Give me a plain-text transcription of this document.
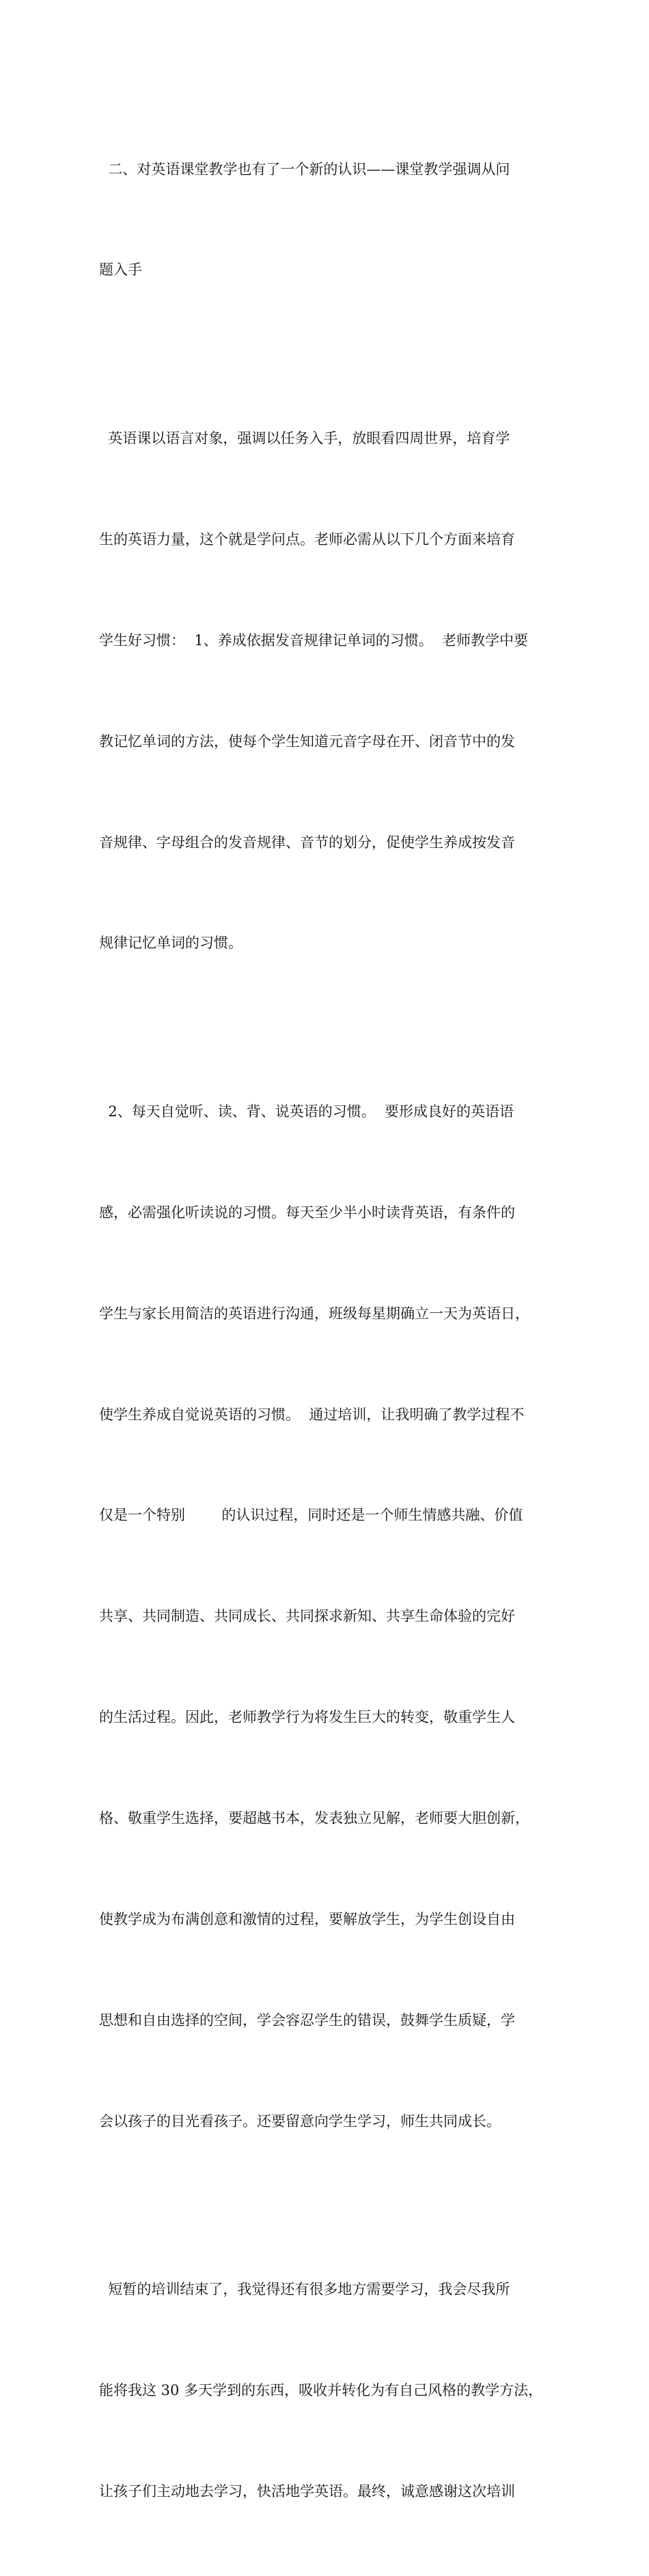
二、对英语课堂教学也有了一个新的认识——课堂教学强调从问

题入手

英语课以语言对象，强调以任务入手，放眼看四周世界，培育学

生的英语力量，这个就是学问点。老师必需从以下几个方面来培育

学生好习惯：  1、养成依据发音规律记单词的习惯。  老师教学中要

教记忆单词的方法，使每个学生知道元音字母在开、闭音节中的发

音规律、字母组合的发音规律、音节的划分，促使学生养成按发音

规律记忆单词的习惯。

2、每天自觉听、读、背、说英语的习惯。  要形成良好的英语语

感，必需强化听读说的习惯。每天至少半小时读背英语，有条件的

学生与家长用简洁的英语进行沟通，班级每星期确立一天为英语日，

使学生养成自觉说英语的习惯。  通过培训，让我明确了教学过程不

仅是一个特别        的认识过程，同时还是一个师生情感共融、价值

共享、共同制造、共同成长、共同探求新知、共享生命体验的完好

的生活过程。因此，老师教学行为将发生巨大的转变，敬重学生人

格、敬重学生选择，要超越书本，发表独立见解，老师要大胆创新，

使教学成为布满创意和激情的过程，要解放学生，为学生创设自由

思想和自由选择的空间，学会容忍学生的错误，鼓舞学生质疑，学

会以孩子的目光看孩子。还要留意向学生学习，师生共同成长。

短暂的培训结束了，我觉得还有很多地方需要学习，我会尽我所

能将我这 30 多天学到的东西，吸收并转化为有自己风格的教学方法，

让孩子们主动地去学习，快活地学英语。最终，诚意感谢这次培训
